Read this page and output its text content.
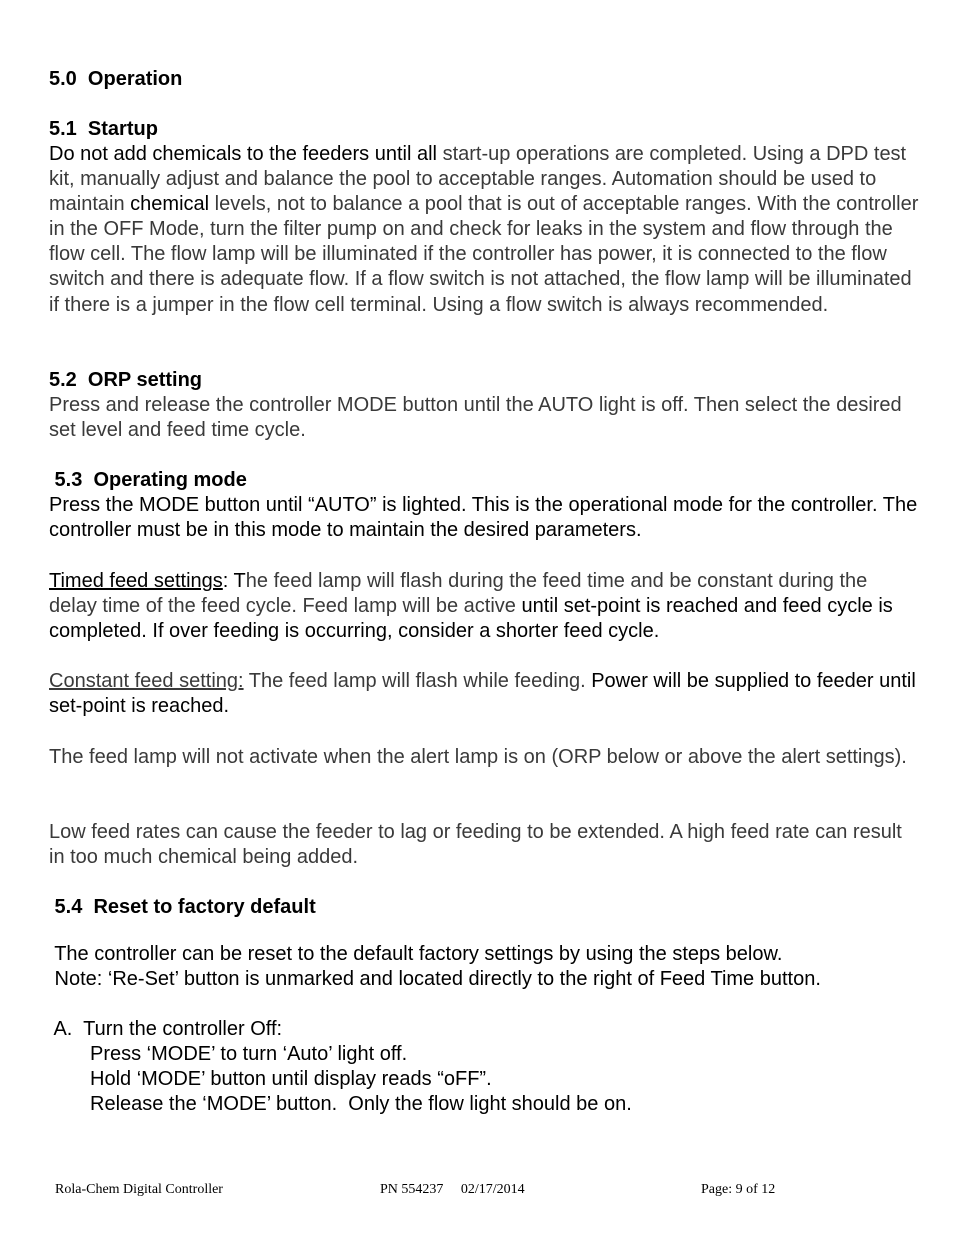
5.0  Operation
5.1  Startup
Do not add chemicals to the feeders until all start-up operations are completed. Using a DPD test kit, manually adjust and balance the pool to acceptable ranges. Automation should be used to maintain chemical levels, not to balance a pool that is out of acceptable ranges. With the controller in the OFF Mode, turn the filter pump on and check for leaks in the system and flow through the flow cell. The flow lamp will be illuminated if the controller has power, it is connected to the flow switch and there is adequate flow. If a flow switch is not attached, the flow lamp will be illuminated if there is a jumper in the flow cell terminal. Using a flow switch is always recommended.
5.2  ORP setting
Press and release the controller MODE button until the AUTO light is off. Then select the desired set level and feed time cycle.
5.3  Operating mode
Press the MODE button until “AUTO” is lighted. This is the operational mode for the controller. The controller must be in this mode to maintain the desired parameters.
Timed feed settings: The feed lamp will flash during the feed time and be constant during the delay time of the feed cycle. Feed lamp will be active until set-point is reached and feed cycle is completed. If over feeding is occurring, consider a shorter feed cycle.
Constant feed setting: The feed lamp will flash while feeding. Power will be supplied to feeder until set-point is reached.
The feed lamp will not activate when the alert lamp is on (ORP below or above the alert settings).
Low feed rates can cause the feeder to lag or feeding to be extended. A high feed rate can result in too much chemical being added.
5.4  Reset to factory default
The controller can be reset to the default factory settings by using the steps below.
Note: ‘Re-Set’ button is unmarked and located directly to the right of Feed Time button.
A.  Turn the controller Off:
Press ‘MODE’ to turn ‘Auto’ light off.
Hold ‘MODE’ button until display reads “oFF”.
Release the ‘MODE’ button.  Only the flow light should be on.
Rola-Chem Digital Controller	PN 554237     02/17/2014	Page: 9 of 12
